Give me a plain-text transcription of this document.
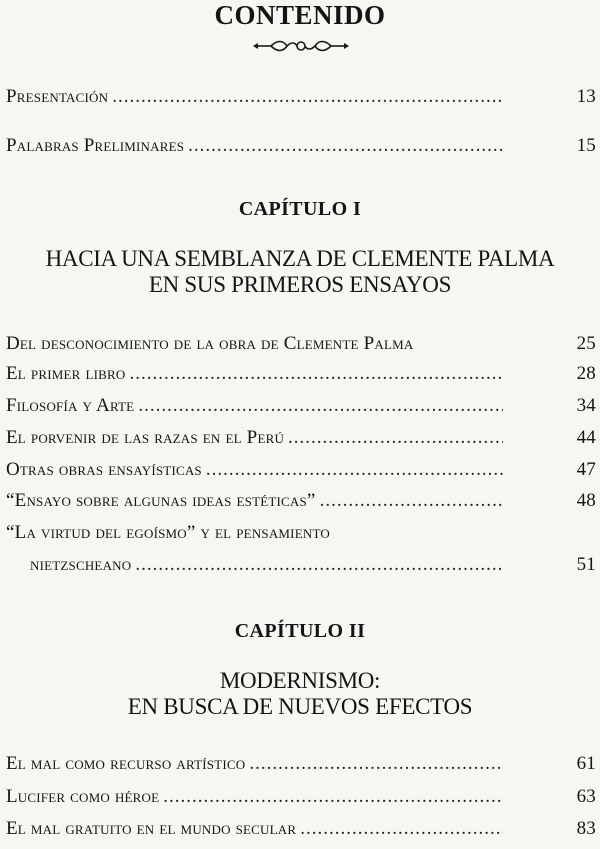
CONTENIDO
Presentación .....	13
Palabras Preliminares .....	15
CAPÍTULO I
HACIA UNA SEMBLANZA DE CLEMENTE PALMA
EN SUS PRIMEROS ENSAYOS
Del desconocimiento de la obra de Clemente Palma	25
El primer libro .....	28
Filosofía y Arte .....	34
El porvenir de las razas en el Perú .....	44
Otras obras ensayísticas .....	47
“Ensayo sobre algunas ideas estéticas” .....	48
“La virtud del egoísmo” y el pensamiento
nietzscheano .....	51
CAPÍTULO II
MODERNISMO:
EN BUSCA DE NUEVOS EFECTOS
El mal como recurso artístico .....	61
Lucifer como héroe .....	63
El mal gratuito en el mundo secular .....	83
